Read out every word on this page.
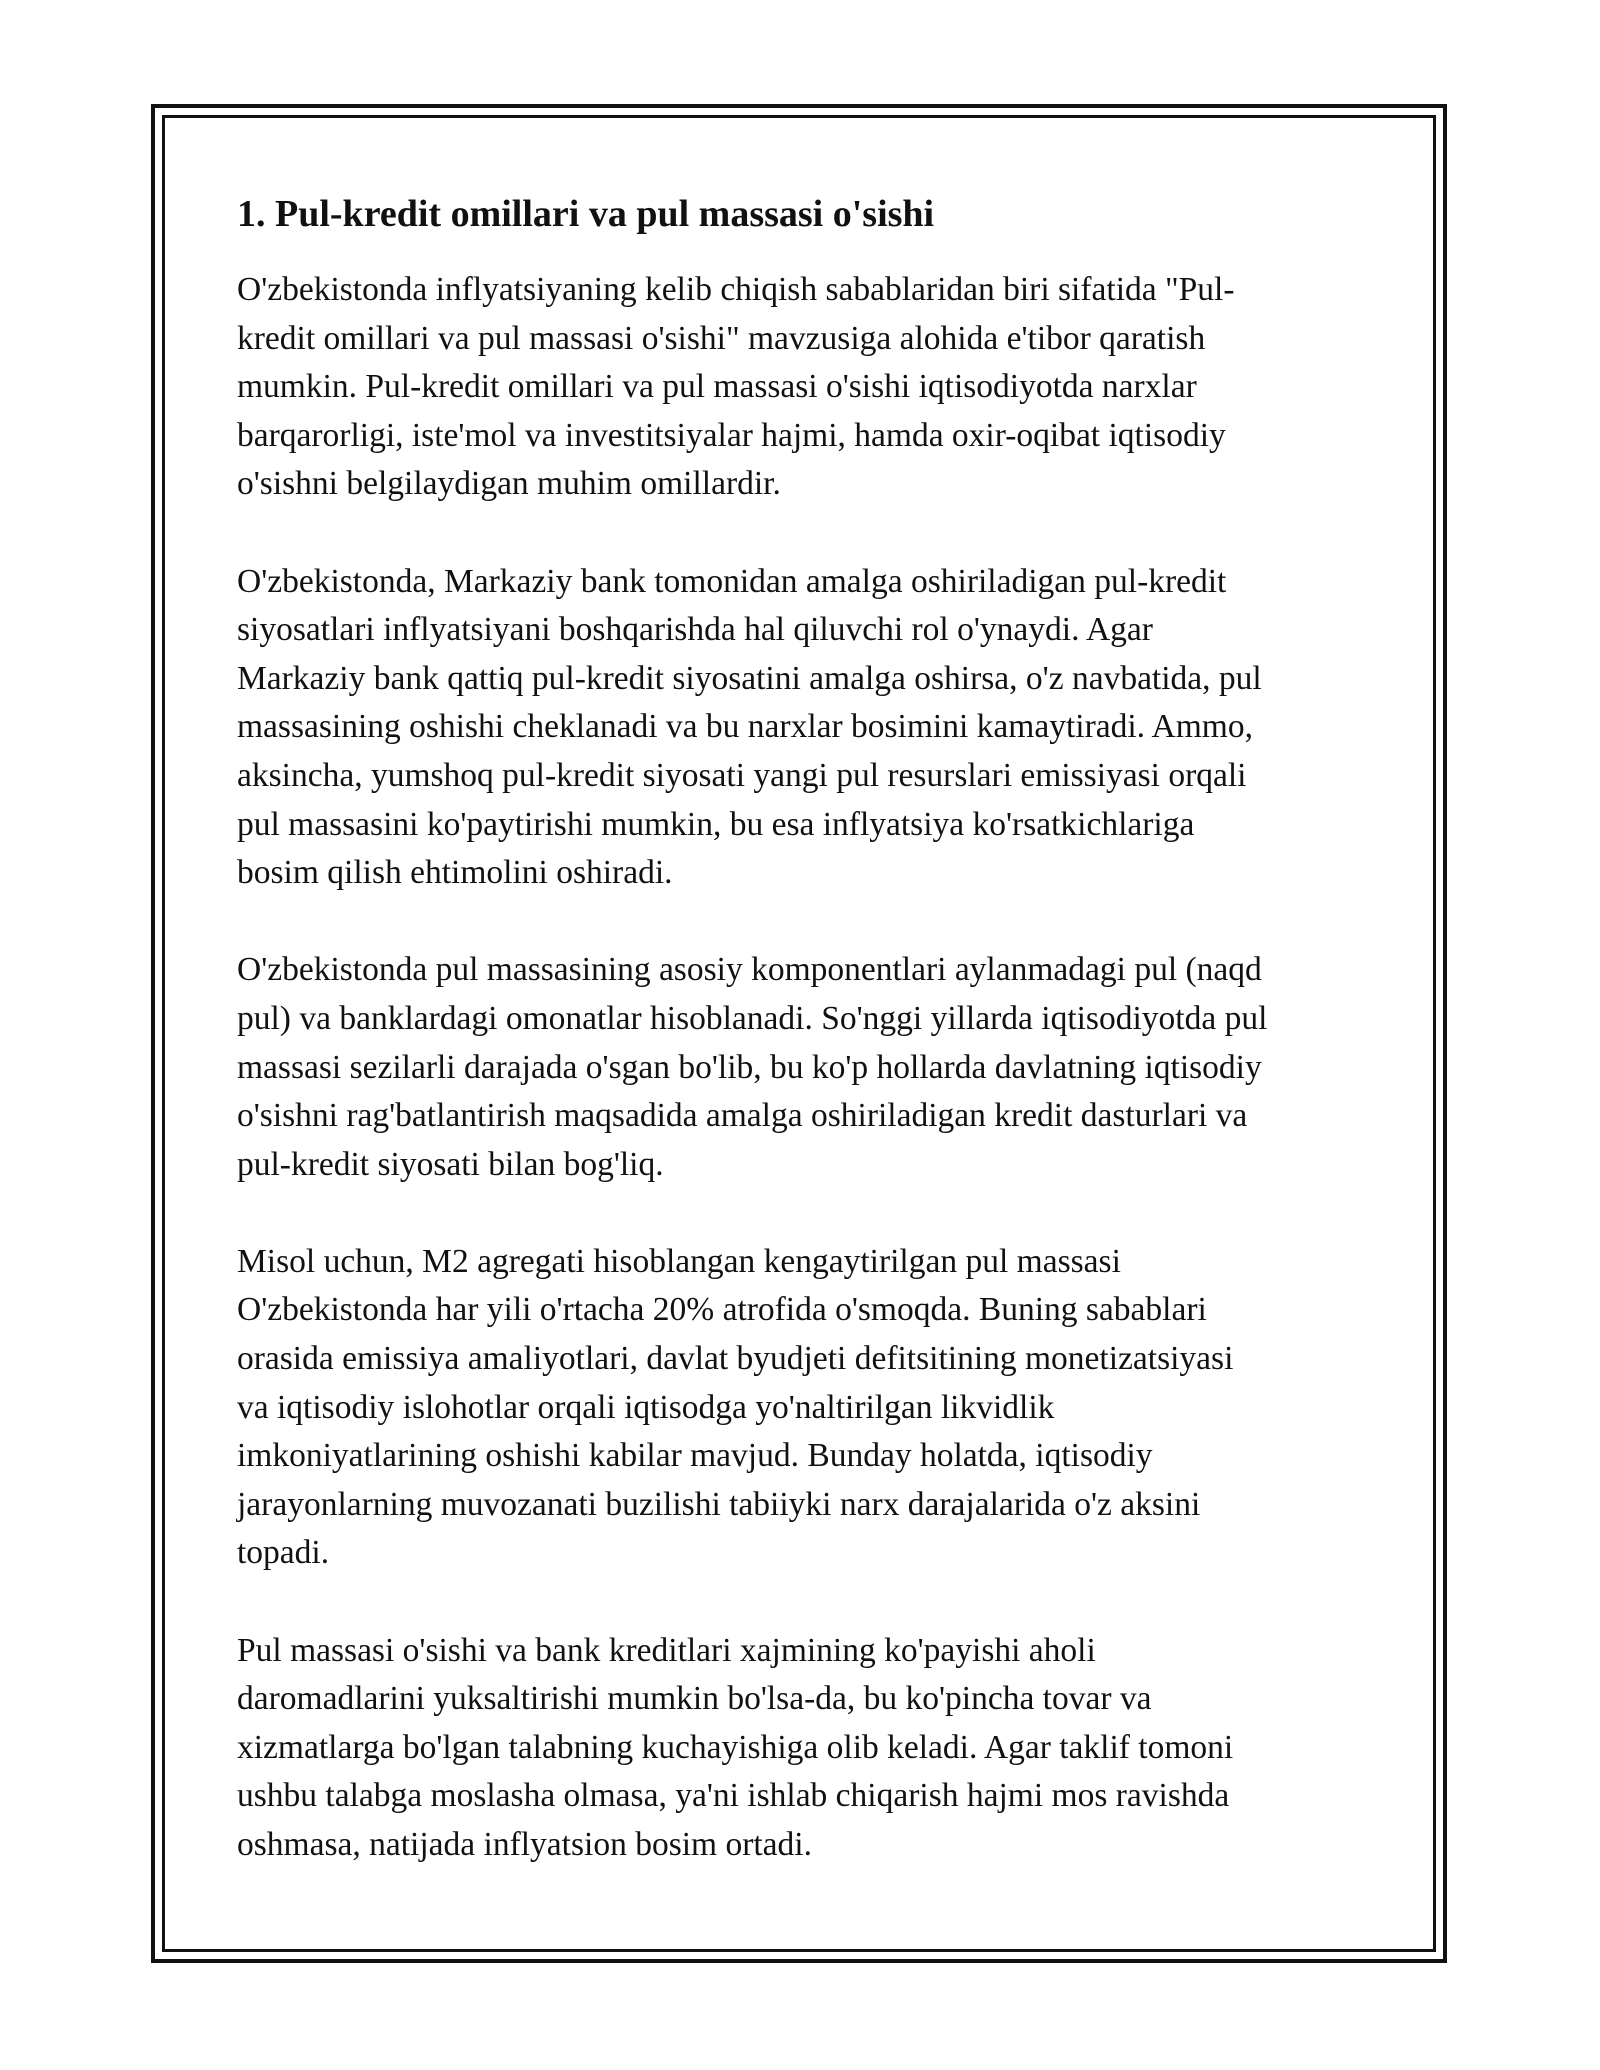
1. Pul-kredit omillari va pul massasi o'sishi

O'zbekistonda inflyatsiyaning kelib chiqish sabablaridan biri sifatida "Pul-
kredit omillari va pul massasi o'sishi" mavzusiga alohida e'tibor qaratish
mumkin. Pul-kredit omillari va pul massasi o'sishi iqtisodiyotda narxlar
barqarorligi, iste'mol va investitsiyalar hajmi, hamda oxir-oqibat iqtisodiy
o'sishni belgilaydigan muhim omillardir.

O'zbekistonda, Markaziy bank tomonidan amalga oshiriladigan pul-kredit
siyosatlari inflyatsiyani boshqarishda hal qiluvchi rol o'ynaydi. Agar
Markaziy bank qattiq pul-kredit siyosatini amalga oshirsa, o'z navbatida, pul
massasining oshishi cheklanadi va bu narxlar bosimini kamaytiradi. Ammo,
aksincha, yumshoq pul-kredit siyosati yangi pul resurslari emissiyasi orqali
pul massasini ko'paytirishi mumkin, bu esa inflyatsiya ko'rsatkichlariga
bosim qilish ehtimolini oshiradi.

O'zbekistonda pul massasining asosiy komponentlari aylanmadagi pul (naqd
pul) va banklardagi omonatlar hisoblanadi. So'nggi yillarda iqtisodiyotda pul
massasi sezilarli darajada o'sgan bo'lib, bu ko'p hollarda davlatning iqtisodiy
o'sishni rag'batlantirish maqsadida amalga oshiriladigan kredit dasturlari va
pul-kredit siyosati bilan bog'liq.

Misol uchun, M2 agregati hisoblangan kengaytirilgan pul massasi
O'zbekistonda har yili o'rtacha 20% atrofida o'smoqda. Buning sabablari
orasida emissiya amaliyotlari, davlat byudjeti defitsitining monetizatsiyasi
va iqtisodiy islohotlar orqali iqtisodga yo'naltirilgan likvidlik
imkoniyatlarining oshishi kabilar mavjud. Bunday holatda, iqtisodiy
jarayonlarning muvozanati buzilishi tabiiyki narx darajalarida o'z aksini
topadi.

Pul massasi o'sishi va bank kreditlari xajmining ko'payishi aholi
daromadlarini yuksaltirishi mumkin bo'lsa-da, bu ko'pincha tovar va
xizmatlarga bo'lgan talabning kuchayishiga olib keladi. Agar taklif tomoni
ushbu talabga moslasha olmasa, ya'ni ishlab chiqarish hajmi mos ravishda
oshmasa, natijada inflyatsion bosim ortadi.
